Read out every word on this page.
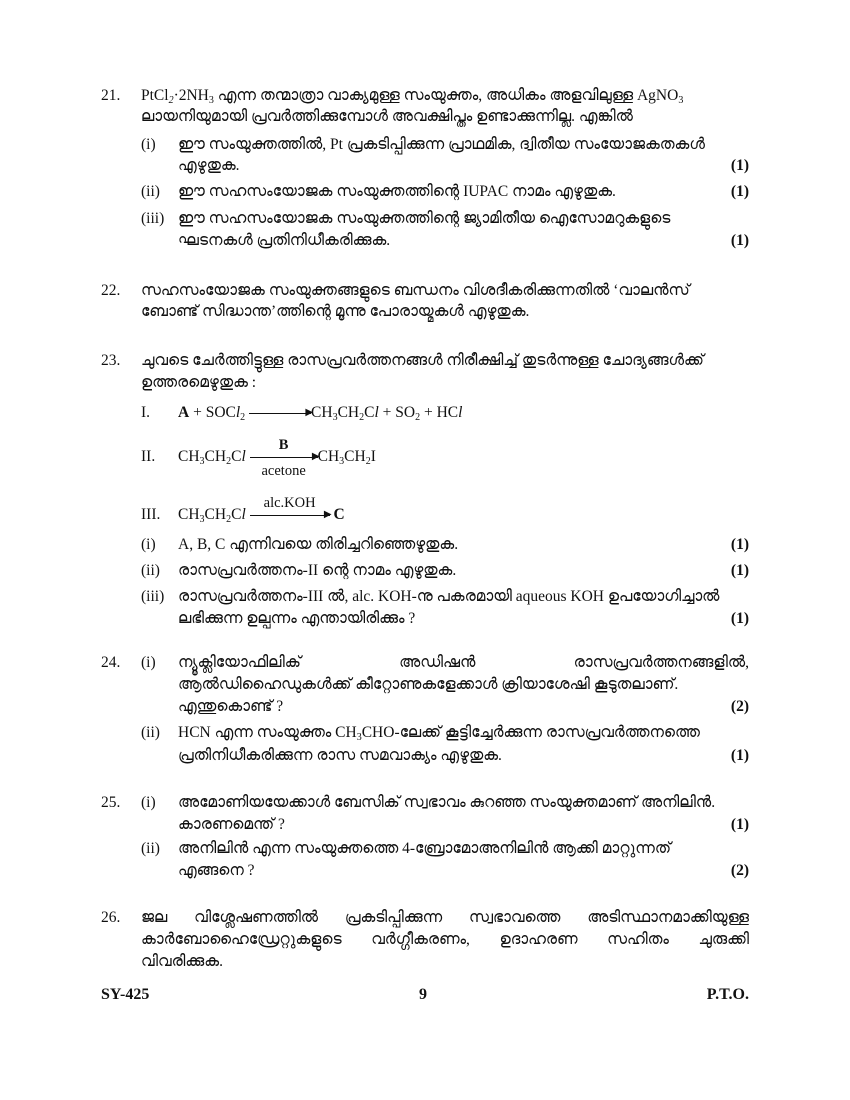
21. $PtCl_2\cdot 2NH_3$ എന്ന തന്മാത്രാ വാക്യമുള്ള സംയുക്തം, അധികം അളവിലുള്ള AgNO$_3$
ലായനിയുമായി പ്രവർത്തിക്കുമ്പോൾ അവക്ഷിപ്തം ഉണ്ടാക്കുന്നില്ല. എങ്കിൽ
(i) ഈ സംയുക്തത്തിൽ, Pt പ്രകടിപ്പിക്കുന്ന പ്രാഥമിക, ദ്വിതീയ സംയോജകതകൾ
എഴുതുക.	(1)
(ii) ഈ സഹസംയോജക സംയുക്തത്തിന്റെ IUPAC നാമം എഴുതുക.	(1)
(iii) ഈ സഹസംയോജക സംയുക്തത്തിന്റെ ജ്യാമിതീയ ഐസോമറുകളുടെ
ഘടനകൾ പ്രതിനിധീകരിക്കുക.	(1)
22. സഹസംയോജക സംയുക്തങ്ങളുടെ ബന്ധനം വിശദീകരിക്കുന്നതിൽ ‘വാലൻസ്
ബോണ്ട് സിദ്ധാന്ത’ത്തിന്റെ മൂന്നു പോരായ്മകൾ എഴുതുക.
23. ചുവടെ ചേർത്തിട്ടുള്ള രാസപ്രവർത്തനങ്ങൾ നിരീക്ഷിച്ച് തുടർന്നുള്ള ചോദ്യങ്ങൾക്ക്
ഉത്തരമെഴുതുക :
I. A + SOCl$_2$	▶
$CH_3CH_2Cl + SO_2$ + HCl
II. $CH_3CH_2Cl$
B
▶
acetone
$CH_3CH_2I$
III. $CH_3CH_2Cl$
alc.KOH
▶ C
(i) A, B, C എന്നിവയെ തിരിച്ചറിഞ്ഞെഴുതുക.	(1)
(ii) രാസപ്രവർത്തനം-II ന്റെ നാമം എഴുതുക.	(1)
(iii) രാസപ്രവർത്തനം-III ൽ, alc. KOH-നു പകരമായി aqueous KOH ഉപയോഗിച്ചാൽ
ലഭിക്കുന്ന ഉല്പന്നം എന്തായിരിക്കും ?	(1)
24. (i) ന്യൂക്ലിയോഫിലിക്	അഡിഷൻ	രാസപ്രവർത്തനങ്ങളിൽ,
ആൽഡിഹൈഡുകൾക്ക് കീറ്റോണുകളേക്കാൾ ക്രിയാശേഷി കൂടുതലാണ്.
എന്തുകൊണ്ട് ?	(2)
(ii) HCN എന്ന സംയുക്തം $CH_3CHO-ലേക്ക്$ കൂട്ടിച്ചേർക്കുന്ന രാസപ്രവർത്തനത്തെ
പ്രതിനിധീകരിക്കുന്ന രാസ സമവാക്യം എഴുതുക.	(1)
25. (i) അമോണിയയേക്കാൾ ബേസിക് സ്വഭാവം കുറഞ്ഞ സംയുക്തമാണ് അനിലിൻ.
കാരണമെന്ത് ?	(1)
(ii) അനിലിൻ എന്ന സംയുക്തത്തെ 4-ബ്രോമോഅനിലിൻ ആക്കി മാറ്റുന്നത്
എങ്ങനെ ?	(2)
26. ജല വിശ്ലേഷണത്തിൽ പ്രകടിപ്പിക്കുന്ന സ്വഭാവത്തെ അടിസ്ഥാനമാക്കിയുള്ള
കാർബോഹൈഡ്രേറ്റുകളുടെ വർഗ്ഗീകരണം, ഉദാഹരണ സഹിതം ചുരുക്കി
വിവരിക്കുക.
SY-425	9	P.T.O.
